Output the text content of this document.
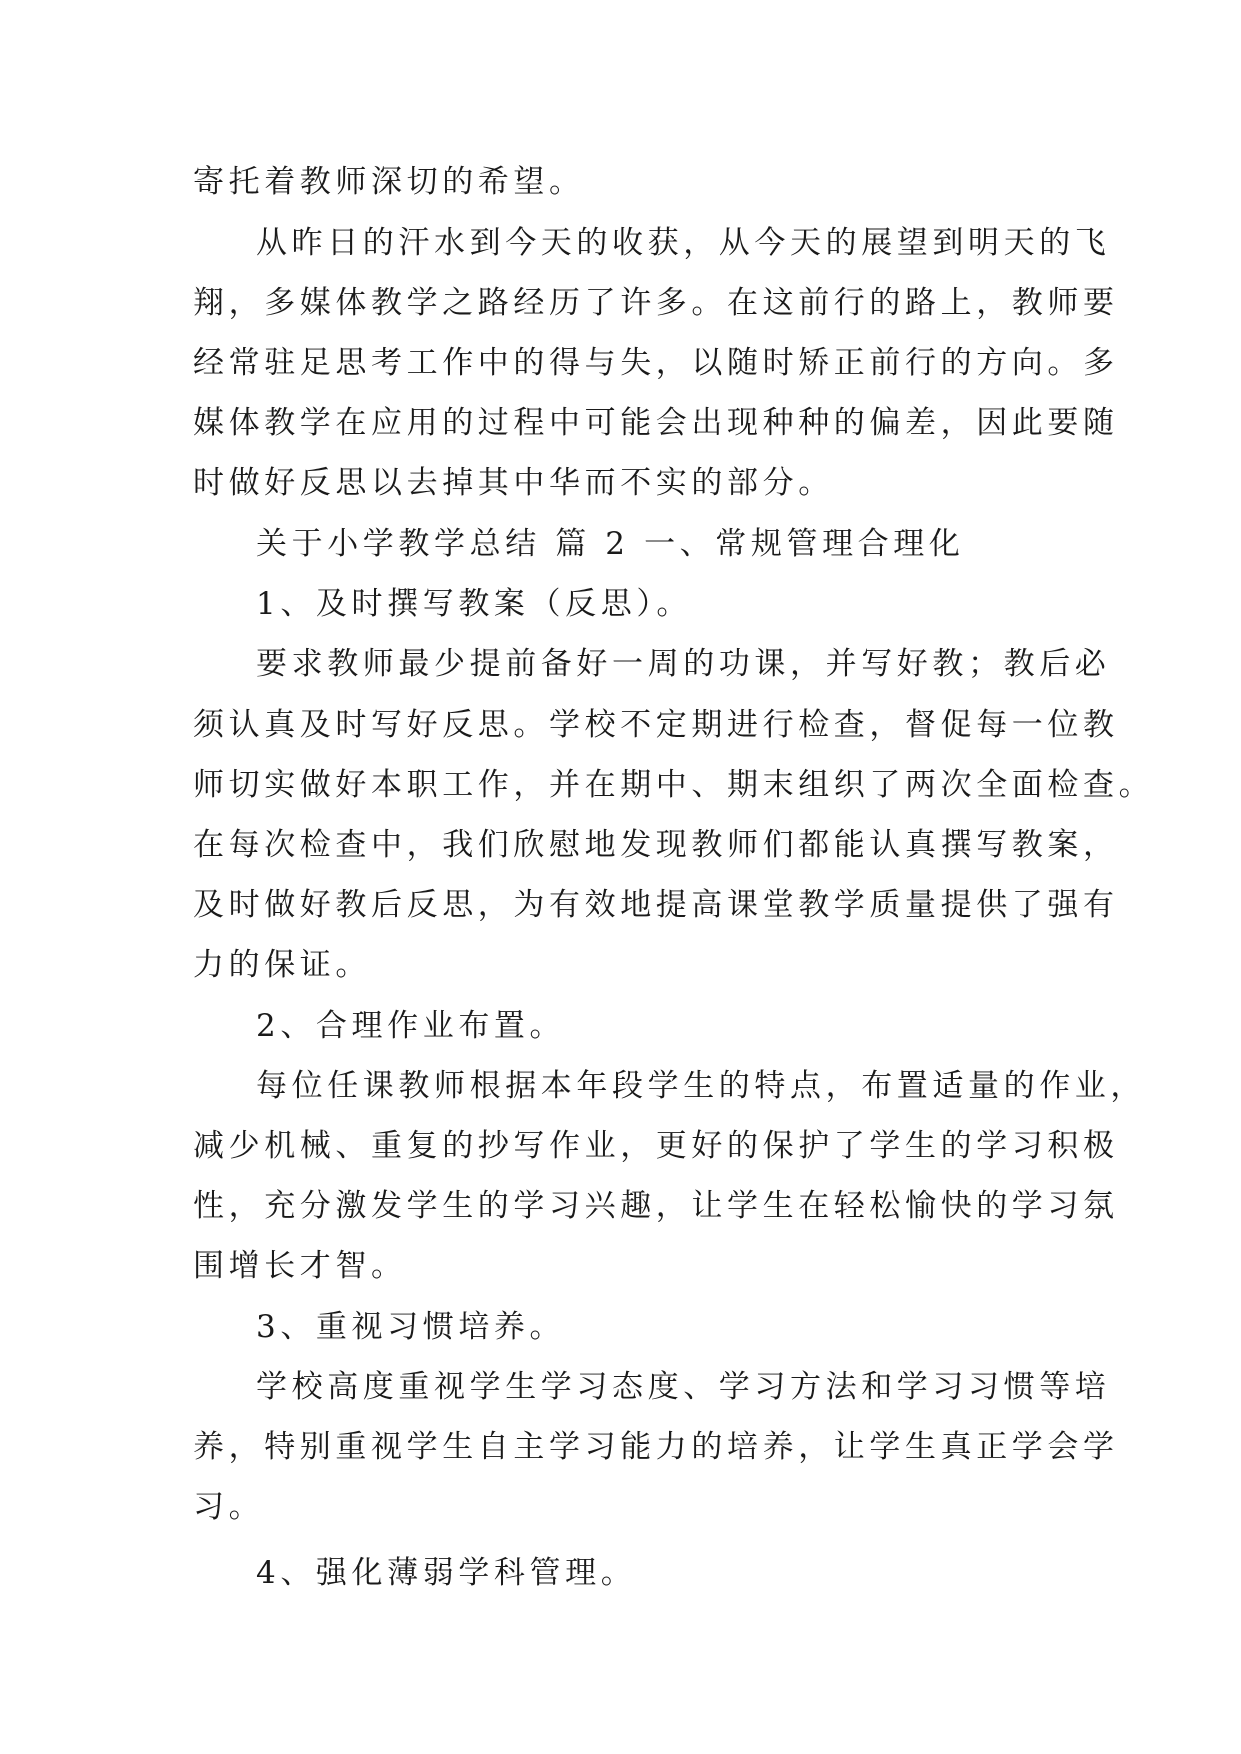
寄托着教师深切的希望。
从昨日的汗水到今天的收获，从今天的展望到明天的飞
翔，多媒体教学之路经历了许多。在这前行的路上，教师要
经常驻足思考工作中的得与失，以随时矫正前行的方向。多
媒体教学在应用的过程中可能会出现种种的偏差，因此要随
时做好反思以去掉其中华而不实的部分。
关于小学教学总结 篇 2 一、常规管理合理化
1、及时撰写教案（反思）。
要求教师最少提前备好一周的功课，并写好教；教后必
须认真及时写好反思。学校不定期进行检查，督促每一位教
师切实做好本职工作，并在期中、期末组织了两次全面检查。
在每次检查中，我们欣慰地发现教师们都能认真撰写教案，
及时做好教后反思，为有效地提高课堂教学质量提供了强有
力的保证。
2、合理作业布置。
每位任课教师根据本年段学生的特点，布置适量的作业，
减少机械、重复的抄写作业，更好的保护了学生的学习积极
性，充分激发学生的学习兴趣，让学生在轻松愉快的学习氛
围增长才智。
3、重视习惯培养。
学校高度重视学生学习态度、学习方法和学习习惯等培
养，特别重视学生自主学习能力的培养，让学生真正学会学
习。
4、强化薄弱学科管理。
